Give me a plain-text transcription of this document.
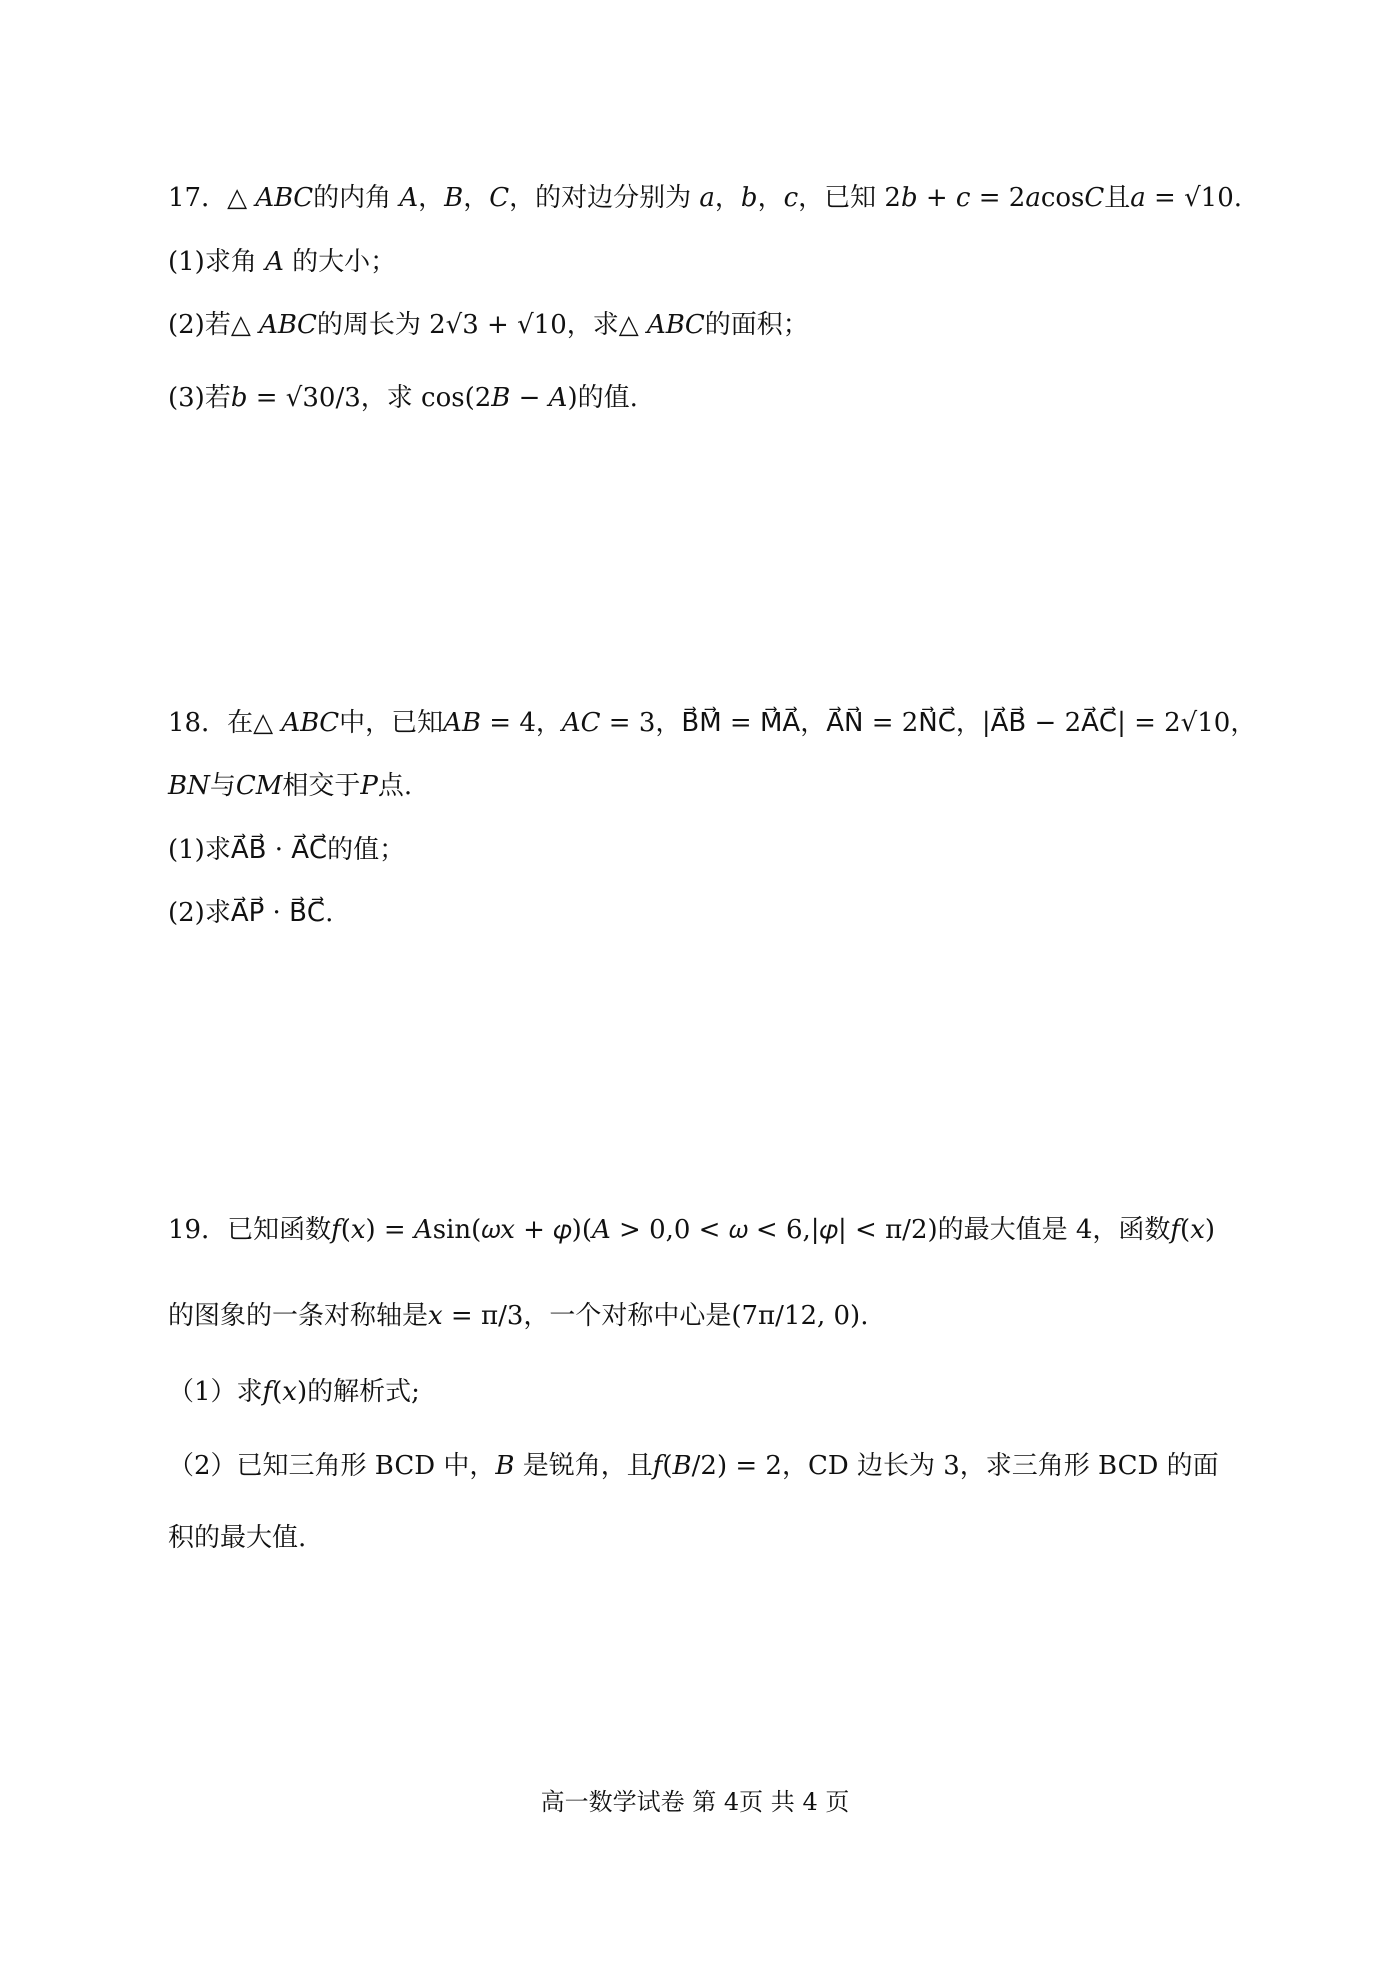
17．△ 𝐴𝐵𝐶的内角 𝐴，𝐵，𝐶，的对边分别为 𝑎，𝑏，𝑐，已知 2𝑏 + 𝑐 = 2𝑎cos𝐶且𝑎 = √10.
(1)求角 𝐴 的大小；
(2)若△ 𝐴𝐵𝐶的周长为 2√3 + √10，求△ 𝐴𝐵𝐶的面积；
(3)若𝑏 = √30/3，求 cos(2𝐵 − 𝐴)的值.
18．在△ 𝐴𝐵𝐶中，已知𝐴𝐵 = 4，𝐴𝐶 = 3，B⃗M⃗ = M⃗A⃗，A⃗N⃗ = 2N⃗C⃗，|A⃗B⃗ − 2A⃗C⃗| = 2√10，
𝐵𝑁与𝐶𝑀相交于𝑃点.
(1)求A⃗B⃗ · A⃗C⃗的值；
(2)求A⃗P⃗ · B⃗C⃗.
19．已知函数𝑓(𝑥) = 𝐴sin(𝜔𝑥 + 𝜑)(𝐴 > 0,0 < 𝜔 < 6,|𝜑| < π/2)的最大值是 4，函数𝑓(𝑥)
的图象的一条对称轴是𝑥 = π/3，一个对称中心是(7π/12, 0).
（1）求𝑓(𝑥)的解析式;
（2）已知三角形 BCD 中，𝐵 是锐角，且𝑓(𝐵/2) = 2，CD 边长为 3，求三角形 BCD 的面
积的最大值.
高一数学试卷 第 4页 共 4 页
